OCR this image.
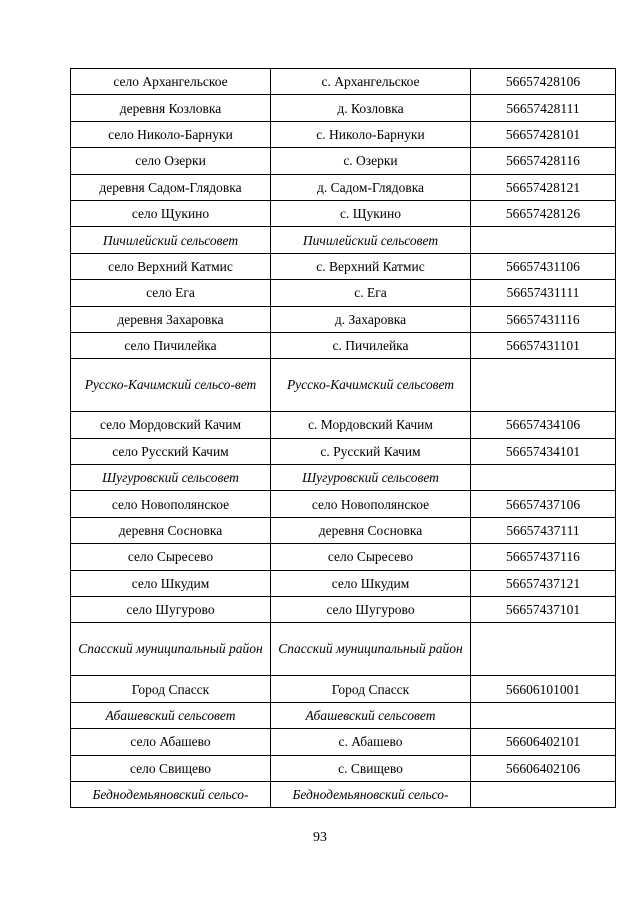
село Архангельское	с. Архангельское	56657428106
деревня Козловка	д. Козловка	56657428111
село Николо-Барнуки	с. Николо-Барнуки	56657428101
село Озерки	с. Озерки	56657428116
деревня Садом-Глядовка	д. Садом-Глядовка	56657428121
село Щукино	с. Щукино	56657428126
Пичилейский сельсовет	Пичилейский сельсовет	
село Верхний Катмис	с. Верхний Катмис	56657431106
село Ега	с. Ега	56657431111
деревня Захаровка	д. Захаровка	56657431116
село Пичилейка	с. Пичилейка	56657431101
Русско-Качимский сельсо-вет	Русско-Качимский сельсовет	
село Мордовский Качим	с. Мордовский Качим	56657434106
село Русский Качим	с. Русский Качим	56657434101
Шугуровский сельсовет	Шугуровский сельсовет	
село Новополянское	село Новополянское	56657437106
деревня Сосновка	деревня Сосновка	56657437111
село Сыресево	село Сыресево	56657437116
село Шкудим	село Шкудим	56657437121
село Шугурово	село Шугурово	56657437101
Спасский муниципальный район	Спасский муниципальный район	
Город Спасск	Город Спасск	56606101001
Абашевский сельсовет	Абашевский сельсовет	
село Абашево	с. Абашево	56606402101
село Свищево	с. Свищево	56606402106
Беднодемьяновский сельсо-	Беднодемьяновский сельсо-	
93
